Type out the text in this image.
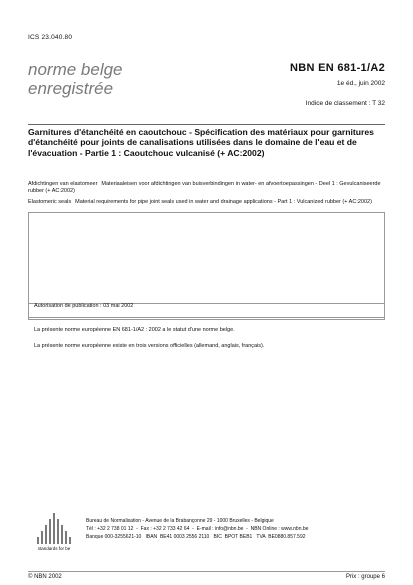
ICS 23.040.80
norme belge
enregistrée
NBN EN 681-1/A2
1e éd., juin 2002
Indice de classement : T 32
Garnitures d'étanchéité en caoutchouc - Spécification des matériaux pour garnitures d'étanchéité pour joints de canalisations utilisées dans le domaine de l'eau et de l'évacuation - Partie 1 : Caoutchouc vulcanisé (+ AC:2002)
Afdichtingen van elastomeer Materiaaleisen voor afdichtingen van buisverbindingen in water- en afvoertoepassingen - Deel 1 : Gevulcaniseerde rubber (+ AC:2002)
Elastomeric seals Material requirements for pipe joint seals used in water and drainage applications - Part 1 : Vulcanized rubber (+ AC:2002)
Autorisation de publication : 03 mai 2002
La présente norme européenne EN 681-1/A2 : 2002 a le statut d'une norme belge.
La présente norme européenne existe en trois versions officielles (allemand, anglais, français).
standards for be
Bureau de Normalisation - Avenue de la Brabançonne 29 - 1000 Bruxelles - Belgique
Tél : +32 2 738 01 12  -  Fax : +32 2 733 42 64  -  E-mail : info@nbn.be  -  NBN Online : www.nbn.be
Banque 000-3255621-10   IBAN  BE41 0003 2556 2110   BIC  BPOT BEB1   TVA  BE0880.857.592
© NBN 2002	Prix : groupe 6
